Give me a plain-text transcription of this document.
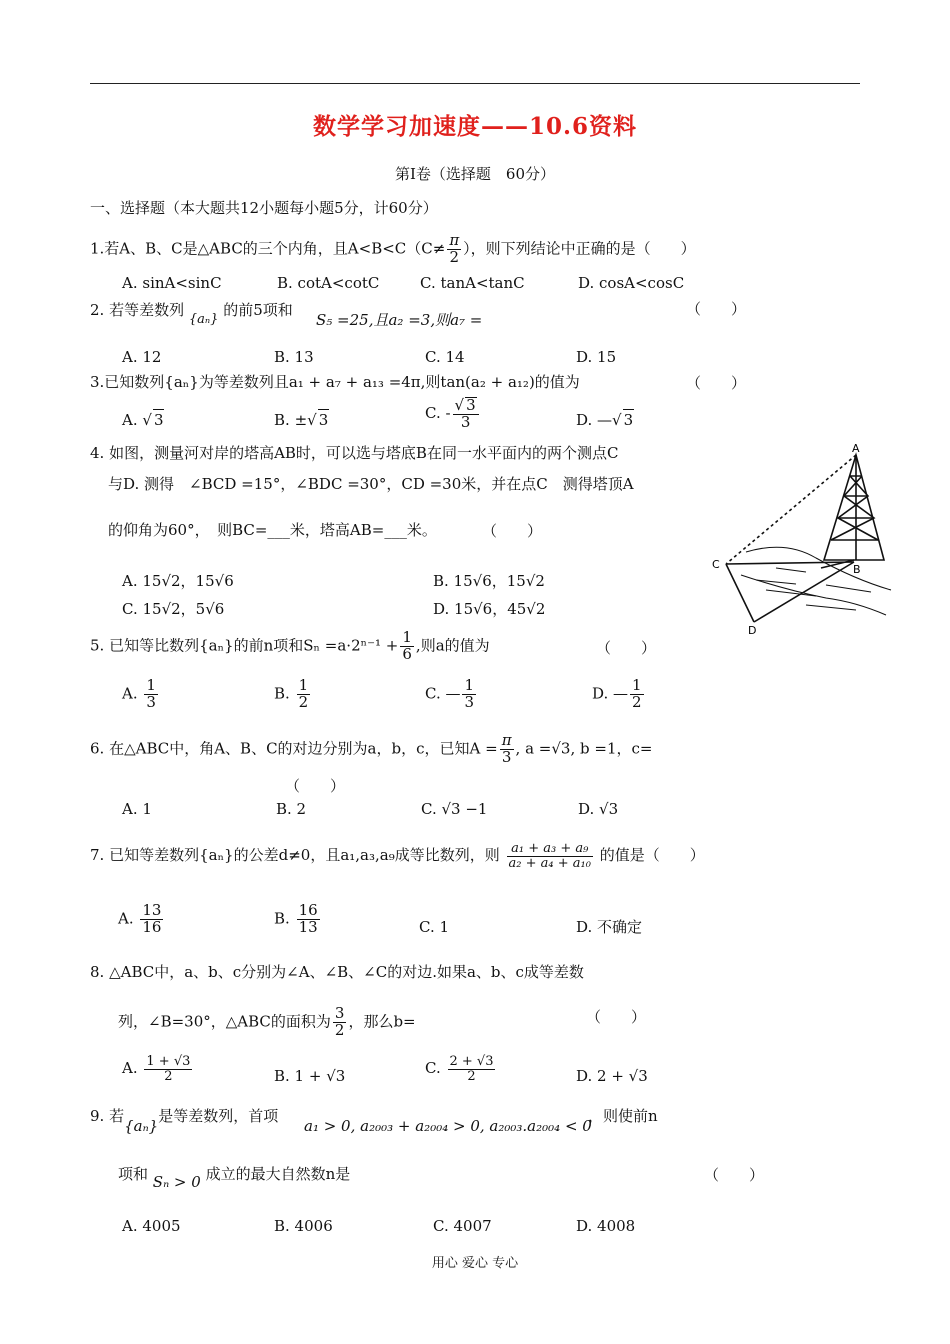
数学学习加速度——10.6资料
第Ⅰ卷（选择题　60分）
一、选择题（本大题共12小题每小题5分，计60分）
1.若A、B、C是△ABC的三个内角，且$A<B<C(C\ne \frac{\pi}{2}$ ），则下列结论中正确的是（　　）
A. sinA<sinC	B. cotA<cotC	C. tanA<tanC	D. cosA<cosC
2. 若等差数列 {aₙ} 的前5项和
S₅ =25,且a₂ =3,则a₇ =
（　　）
A. 12	B. 13	C. 14	D. 15
3.已知数列{aₙ}为等差数列且a₁ + a₇ + a₁₃ =4π,则tan(a₂ + a₁₂)的值为	（　　）
A. √ 3	B. ±√ 3	C. - $\frac{√ 3}{3}$	D. —√ 3
4. 如图，测量河对岸的塔高AB时，可以选与塔底B在同一水平面内的两个测点C
与D. 测得　∠BCD =15°，∠BDC =30°，CD =30米，并在点C　测得塔顶A
的仰角为60°，　则BC=___米，塔高AB=___米。	（　　）
A. 15√2，15√6	B. 15√6，15√2
C. 15√2，5√6	D. 15√6，45√2
A
B
C
D
5. 已知等比数列{aₙ}的前n项和$S_n =a\cdot 2^{n-1} + \frac{1}{6}$ ,则a的值为	（　　）
A. $\frac{1}{3}$	B. $\frac{1}{2}$	C. — $\frac{1}{3}$	D. — $\frac{1}{2}$
6. 在△ABC中，角A、B、C的对边分别为a，b，c，已知$A = \frac{\pi}{3}$ , a =√3, b =1，c=
（　　）
A. 1	B. 2	C. √3 −1	D. √3
7. 已知等差数列{aₙ}的公差d≠0，且a₁,a₃,a₉成等比数列，则 $\frac{\text{a₁ + a₃ + a₉}}{\text{a₂ + a₄ + a₁₀}}$ 的值是（　　）
A. $\frac{13}{16}$	B. $\frac{16}{13}$	C. 1	D. 不确定
8. △ABC中，a、b、c分别为∠A、∠B、∠C的对边.如果a、b、c成等差数
列，∠B=30°，△ABC的面积为 $\frac{3}{2}$ ，那么b=	（　　）
A. $\frac{1 + √3}{2}$	B. 1 + √3	C. $\frac{2 + √3}{2}$	D. 2 + √3
9. 若{aₙ}是等差数列，首项
a₁ > 0, a₂₀₀₃ + a₂₀₀₄ > 0, a₂₀₀₃.a₂₀₀₄ < 0
，则使前n
项和 Sₙ > 0 成立的最大自然数n是	（　　）
A. 4005	B. 4006	C. 4007	D. 4008
用心 爱心 专心
